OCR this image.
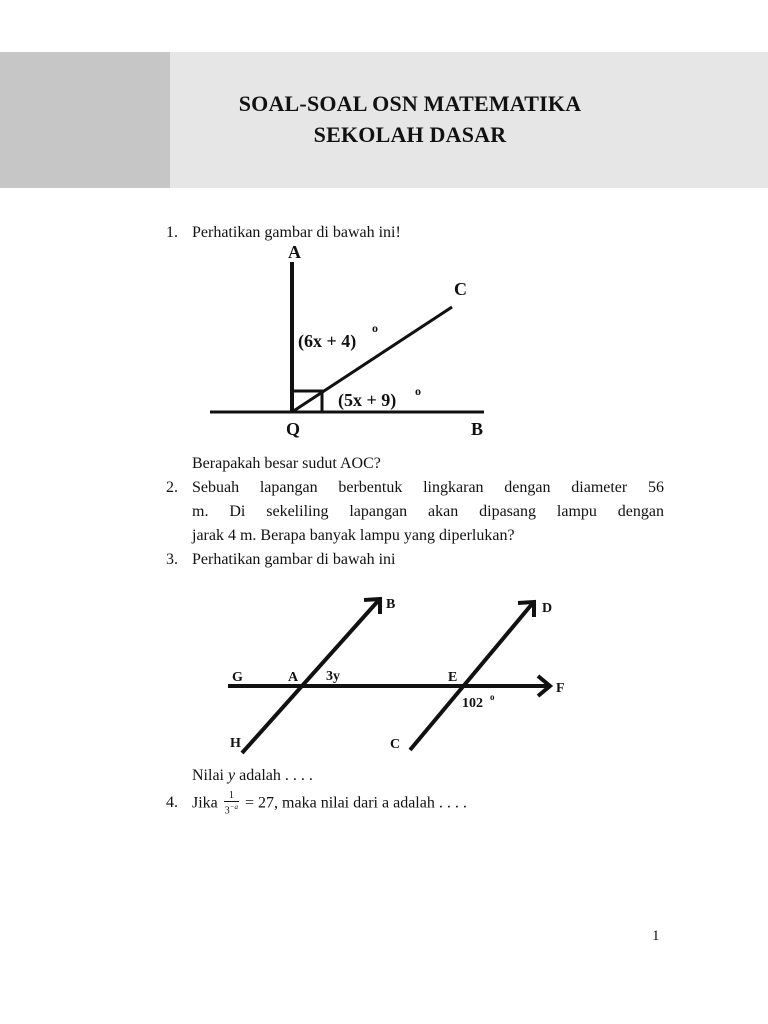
SOAL-SOAL OSN MATEMATIKA
SEKOLAH DASAR
1. Perhatikan gambar di bawah ini!
A
C
Q	B
(6x + 4)
o
(5x + 9) o
Berapakah besar sudut AOC?
2. Sebuah lapangan berbentuk lingkaran dengan diameter 56
m. Di sekeliling lapangan akan dipasang lampu dengan
jarak 4 m. Berapa banyak lampu yang diperlukan?
3. Perhatikan gambar di bawah ini
B	D
G	A 3y	E
F
102 o
H	C
Nilai y adalah . . . .
4. Jika $\frac{1}{3^{-a}} = 27$, maka nilai dari a adalah . . . .
1
